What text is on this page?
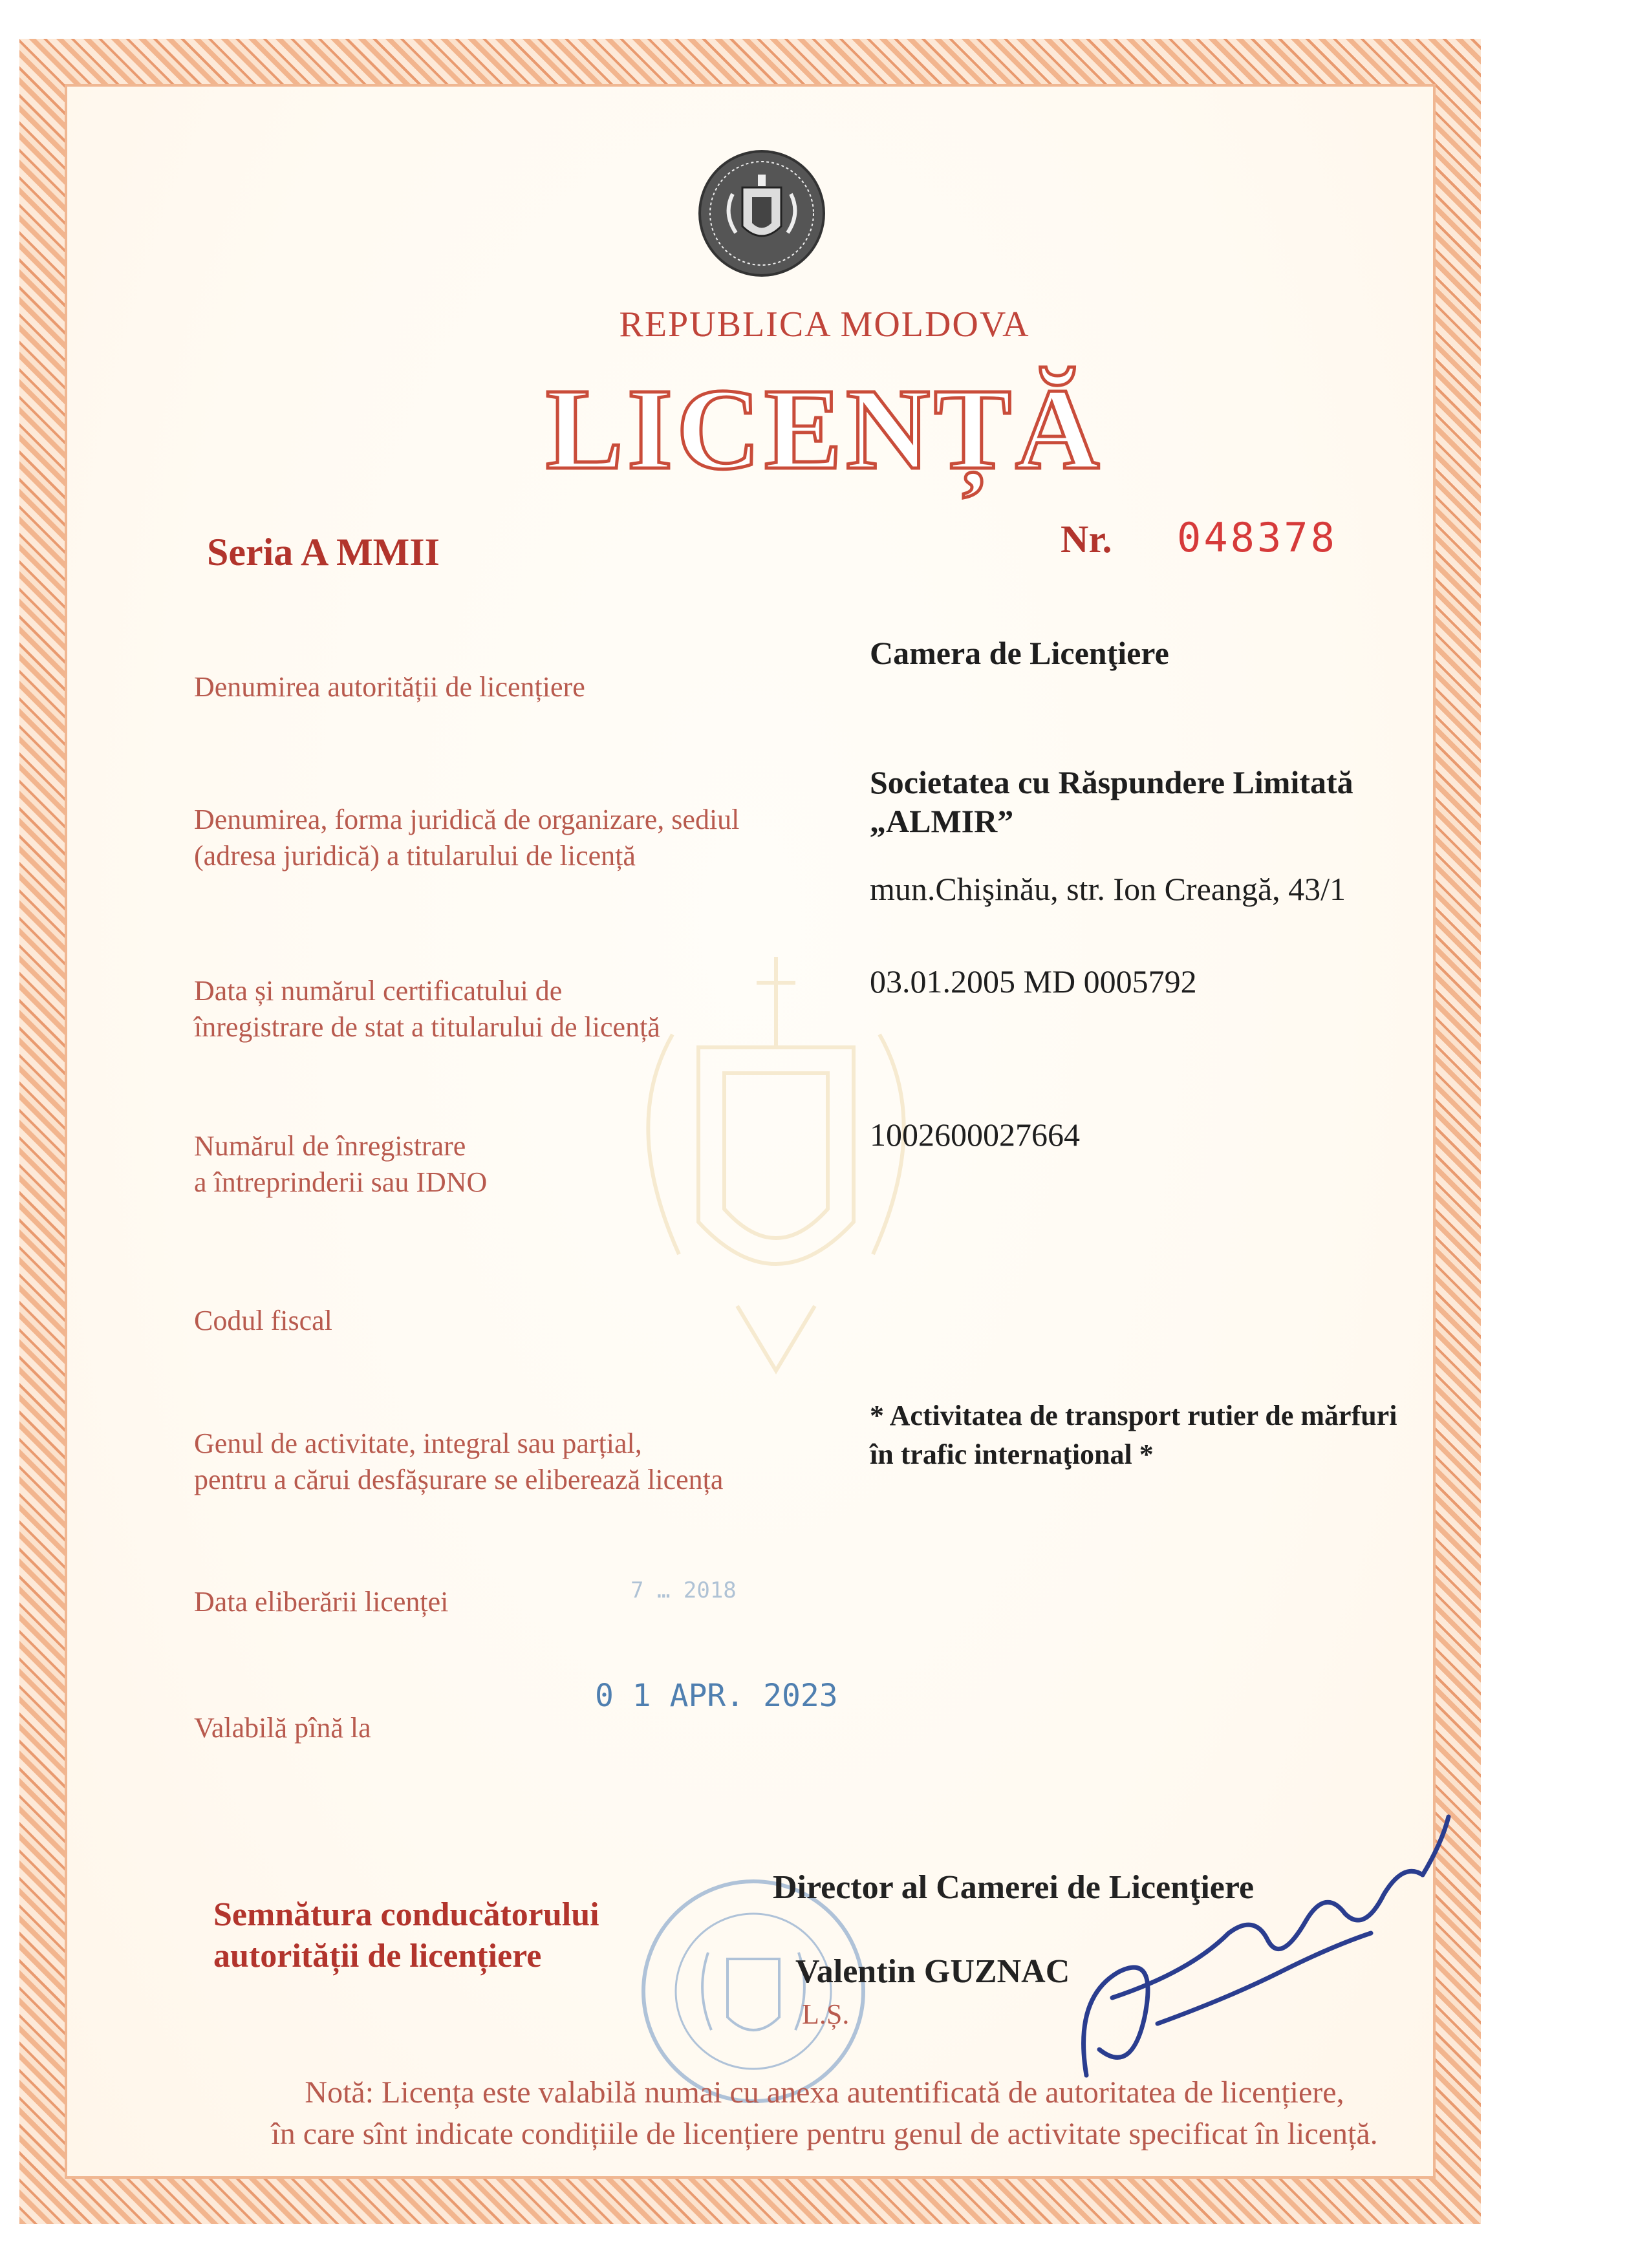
REPUBLICA MOLDOVA
LICENȚĂ
Seria A MMII	Nr. 048378
Denumirea autorității de licențiere
Camera de Licenţiere
Denumirea, forma juridică de organizare, sediul
(adresa juridică) a titularului de licență
Societatea cu Răspundere Limitată
„ALMIR”
mun.Chişinău, str. Ion Creangă, 43/1
Data și numărul certificatului de
înregistrare de stat a titularului de licență
03.01.2005 MD 0005792
Numărul de înregistrare
a întreprinderii sau IDNO
1002600027664
Codul fiscal
Genul de activitate, integral sau parțial,
pentru a cărui desfășurare se eliberează licența
* Activitatea de transport rutier de mărfuri
în trafic internaţional *
Data eliberării licenței	7 … 2018
Valabilă pînă la
0 1 APR. 2023
Semnătura conducătorului
autorității de licențiere
Director al Camerei de Licenţiere
Valentin GUZNAC
L.Ș.
Notă: Licența este valabilă numai cu anexa autentificată de autoritatea de licențiere,
în care sînt indicate condițiile de licențiere pentru genul de activitate specificat în licență.
